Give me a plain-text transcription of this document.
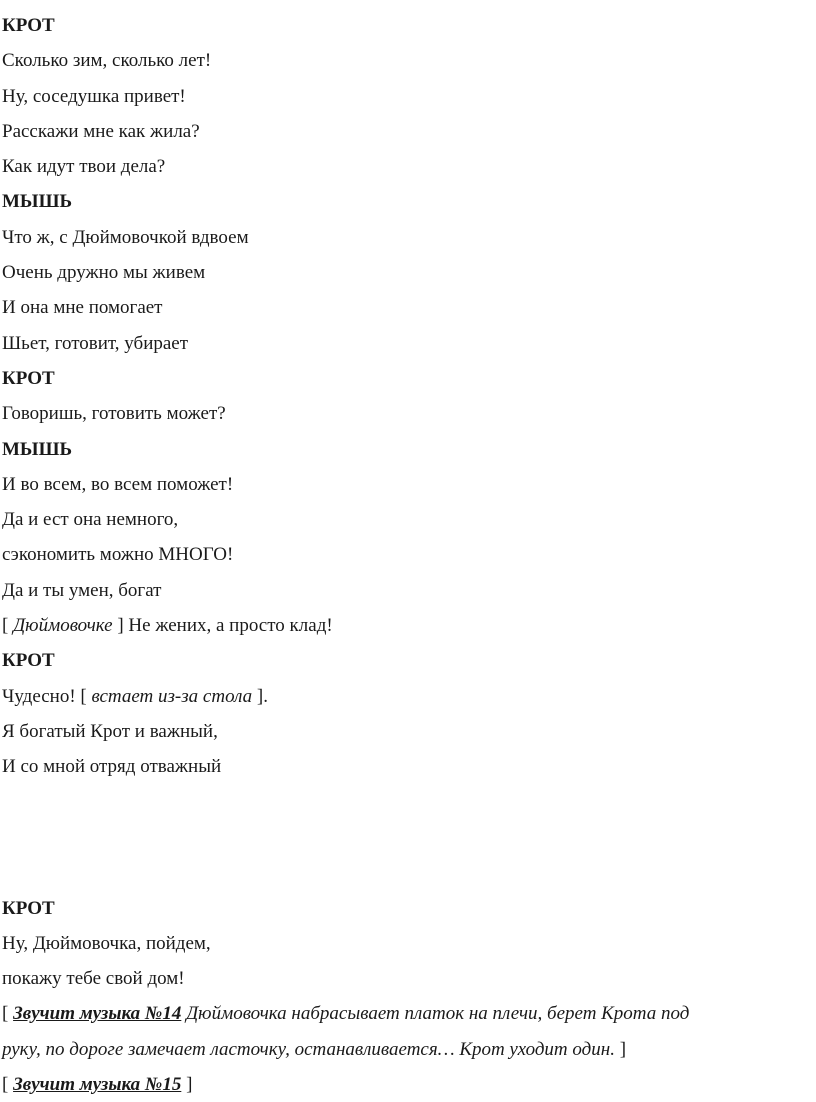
КРОТ
Сколько зим, сколько лет!
Ну, соседушка привет!
Расскажи мне как жила?
Как идут твои дела?
МЫШЬ
Что ж, с Дюймовочкой вдвоем
Очень дружно мы живем
И она мне помогает
Шьет, готовит, убирает
КРОТ
Говоришь, готовить может?
МЫШЬ
И во всем, во всем поможет!
Да и ест она немного,
сэкономить можно МНОГО!
Да и ты умен, богат
[ Дюймовочке ] Не жених, а просто клад!
КРОТ
Чудесно! [ встает из-за стола ].
Я богатый Крот и важный,
И со мной отряд отважный
КРОТ
Ну, Дюймовочка, пойдем,
покажу тебе свой дом!
[ Звучит музыка №14 Дюймовочка набрасывает платок на плечи, берет Крота под
руку, по дороге замечает ласточку, останавливается… Крот уходит один. ]
[ Звучит музыка №15 ]
